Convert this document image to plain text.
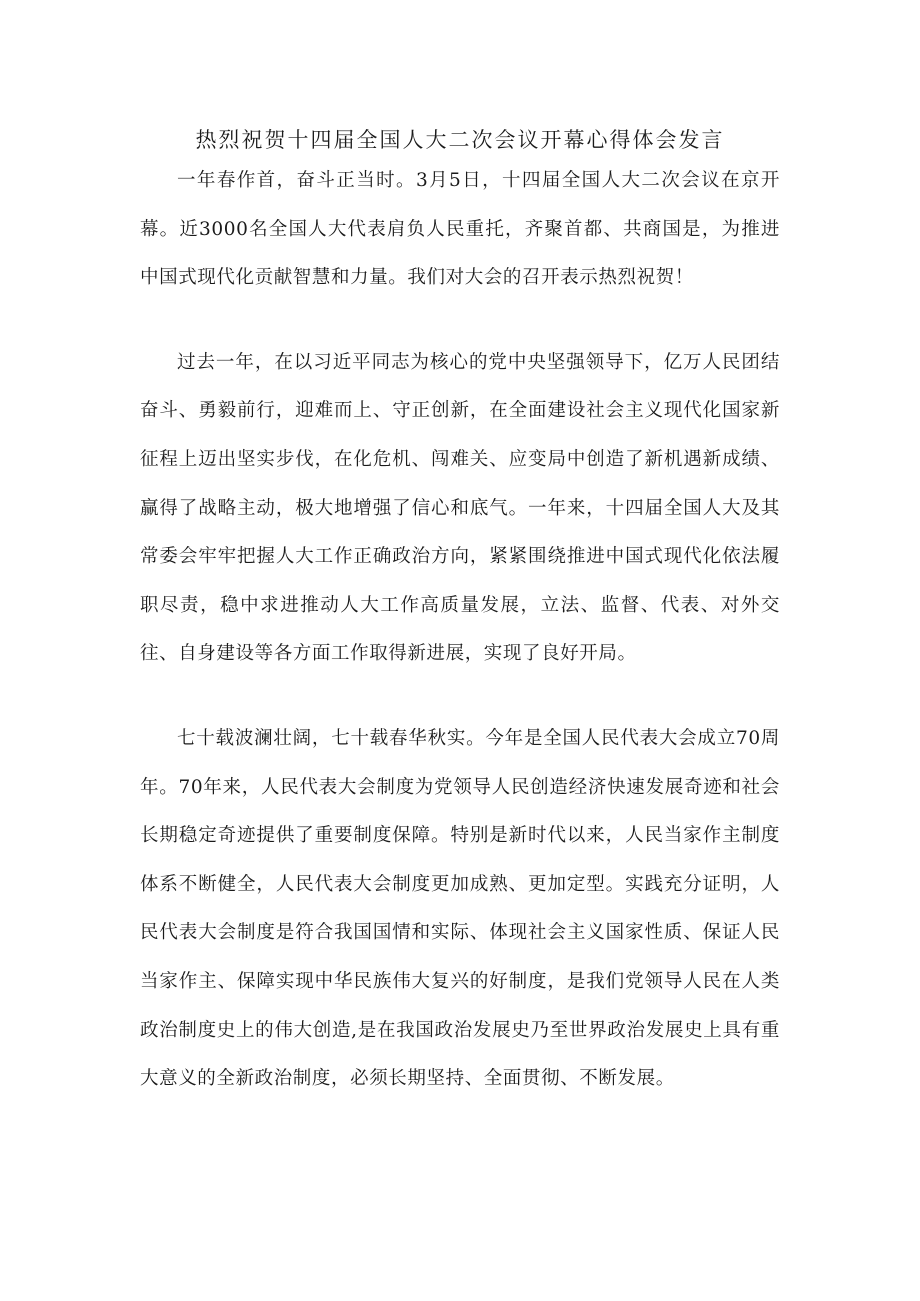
热烈祝贺十四届全国人大二次会议开幕心得体会发言

一年春作首，奋斗正当时。3月5日，十四届全国人大二次会议在京开幕。近3000名全国人大代表肩负人民重托，齐聚首都、共商国是，为推进中国式现代化贡献智慧和力量。我们对大会的召开表示热烈祝贺！

过去一年，在以习近平同志为核心的党中央坚强领导下，亿万人民团结奋斗、勇毅前行，迎难而上、守正创新，在全面建设社会主义现代化国家新征程上迈出坚实步伐，在化危机、闯难关、应变局中创造了新机遇新成绩、赢得了战略主动，极大地增强了信心和底气。一年来，十四届全国人大及其常委会牢牢把握人大工作正确政治方向，紧紧围绕推进中国式现代化依法履职尽责，稳中求进推动人大工作高质量发展，立法、监督、代表、对外交往、自身建设等各方面工作取得新进展，实现了良好开局。

七十载波澜壮阔，七十载春华秋实。今年是全国人民代表大会成立70周年。70年来，人民代表大会制度为党领导人民创造经济快速发展奇迹和社会长期稳定奇迹提供了重要制度保障。特别是新时代以来，人民当家作主制度体系不断健全，人民代表大会制度更加成熟、更加定型。实践充分证明，人民代表大会制度是符合我国国情和实际、体现社会主义国家性质、保证人民当家作主、保障实现中华民族伟大复兴的好制度，是我们党领导人民在人类政治制度史上的伟大创造,是在我国政治发展史乃至世界政治发展史上具有重大意义的全新政治制度，必须长期坚持、全面贯彻、不断发展。
